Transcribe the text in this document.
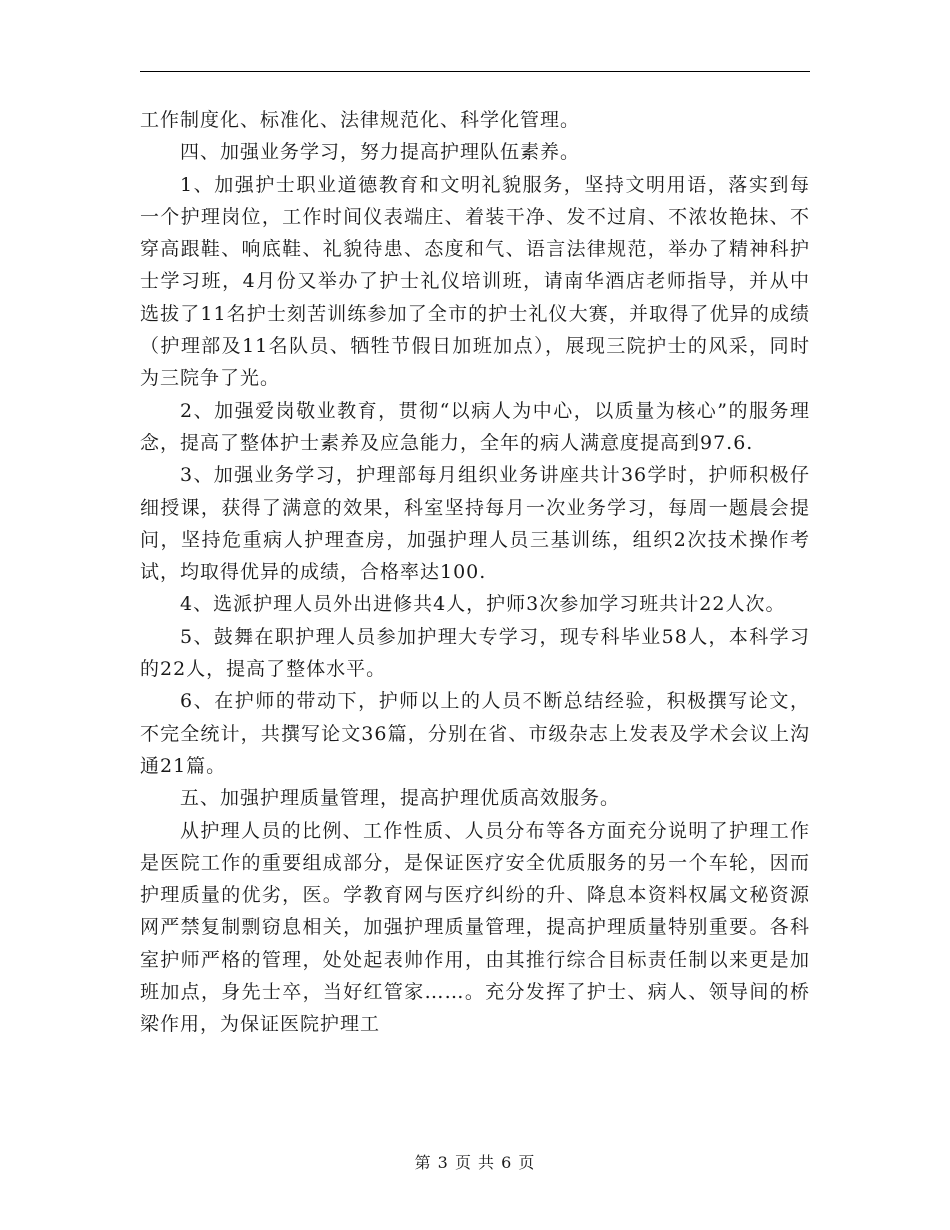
工作制度化、标准化、法律规范化、科学化管理。

四、加强业务学习，努力提高护理队伍素养。

1、加强护士职业道德教育和文明礼貌服务，坚持文明用语，落实到每一个护理岗位，工作时间仪表端庄、着装干净、发不过肩、不浓妆艳抹、不穿高跟鞋、响底鞋、礼貌待患、态度和气、语言法律规范，举办了精神科护士学习班，4月份又举办了护士礼仪培训班，请南华酒店老师指导，并从中选拔了11名护士刻苦训练参加了全市的护士礼仪大赛，并取得了优异的成绩（护理部及11名队员、牺牲节假日加班加点），展现三院护士的风采，同时为三院争了光。

2、加强爱岗敬业教育，贯彻“以病人为中心，以质量为核心”的服务理念，提高了整体护士素养及应急能力，全年的病人满意度提高到97.6.

3、加强业务学习，护理部每月组织业务讲座共计36学时，护师积极仔细授课，获得了满意的效果，科室坚持每月一次业务学习，每周一题晨会提问，坚持危重病人护理查房，加强护理人员三基训练，组织2次技术操作考试，均取得优异的成绩，合格率达100.

4、选派护理人员外出进修共4人，护师3次参加学习班共计22人次。

5、鼓舞在职护理人员参加护理大专学习，现专科毕业58人，本科学习的22人，提高了整体水平。

6、在护师的带动下，护师以上的人员不断总结经验，积极撰写论文，不完全统计，共撰写论文36篇，分别在省、市级杂志上发表及学术会议上沟通21篇。

五、加强护理质量管理，提高护理优质高效服务。

从护理人员的比例、工作性质、人员分布等各方面充分说明了护理工作是医院工作的重要组成部分，是保证医疗安全优质服务的另一个车轮，因而护理质量的优劣，医。学教育网与医疗纠纷的升、降息本资料权属文秘资源网严禁复制剽窃息相关，加强护理质量管理，提高护理质量特别重要。各科室护师严格的管理，处处起表帅作用，由其推行综合目标责任制以来更是加班加点，身先士卒，当好红管家……。充分发挥了护士、病人、领导间的桥梁作用，为保证医院护理工

第 3 页 共 6 页
